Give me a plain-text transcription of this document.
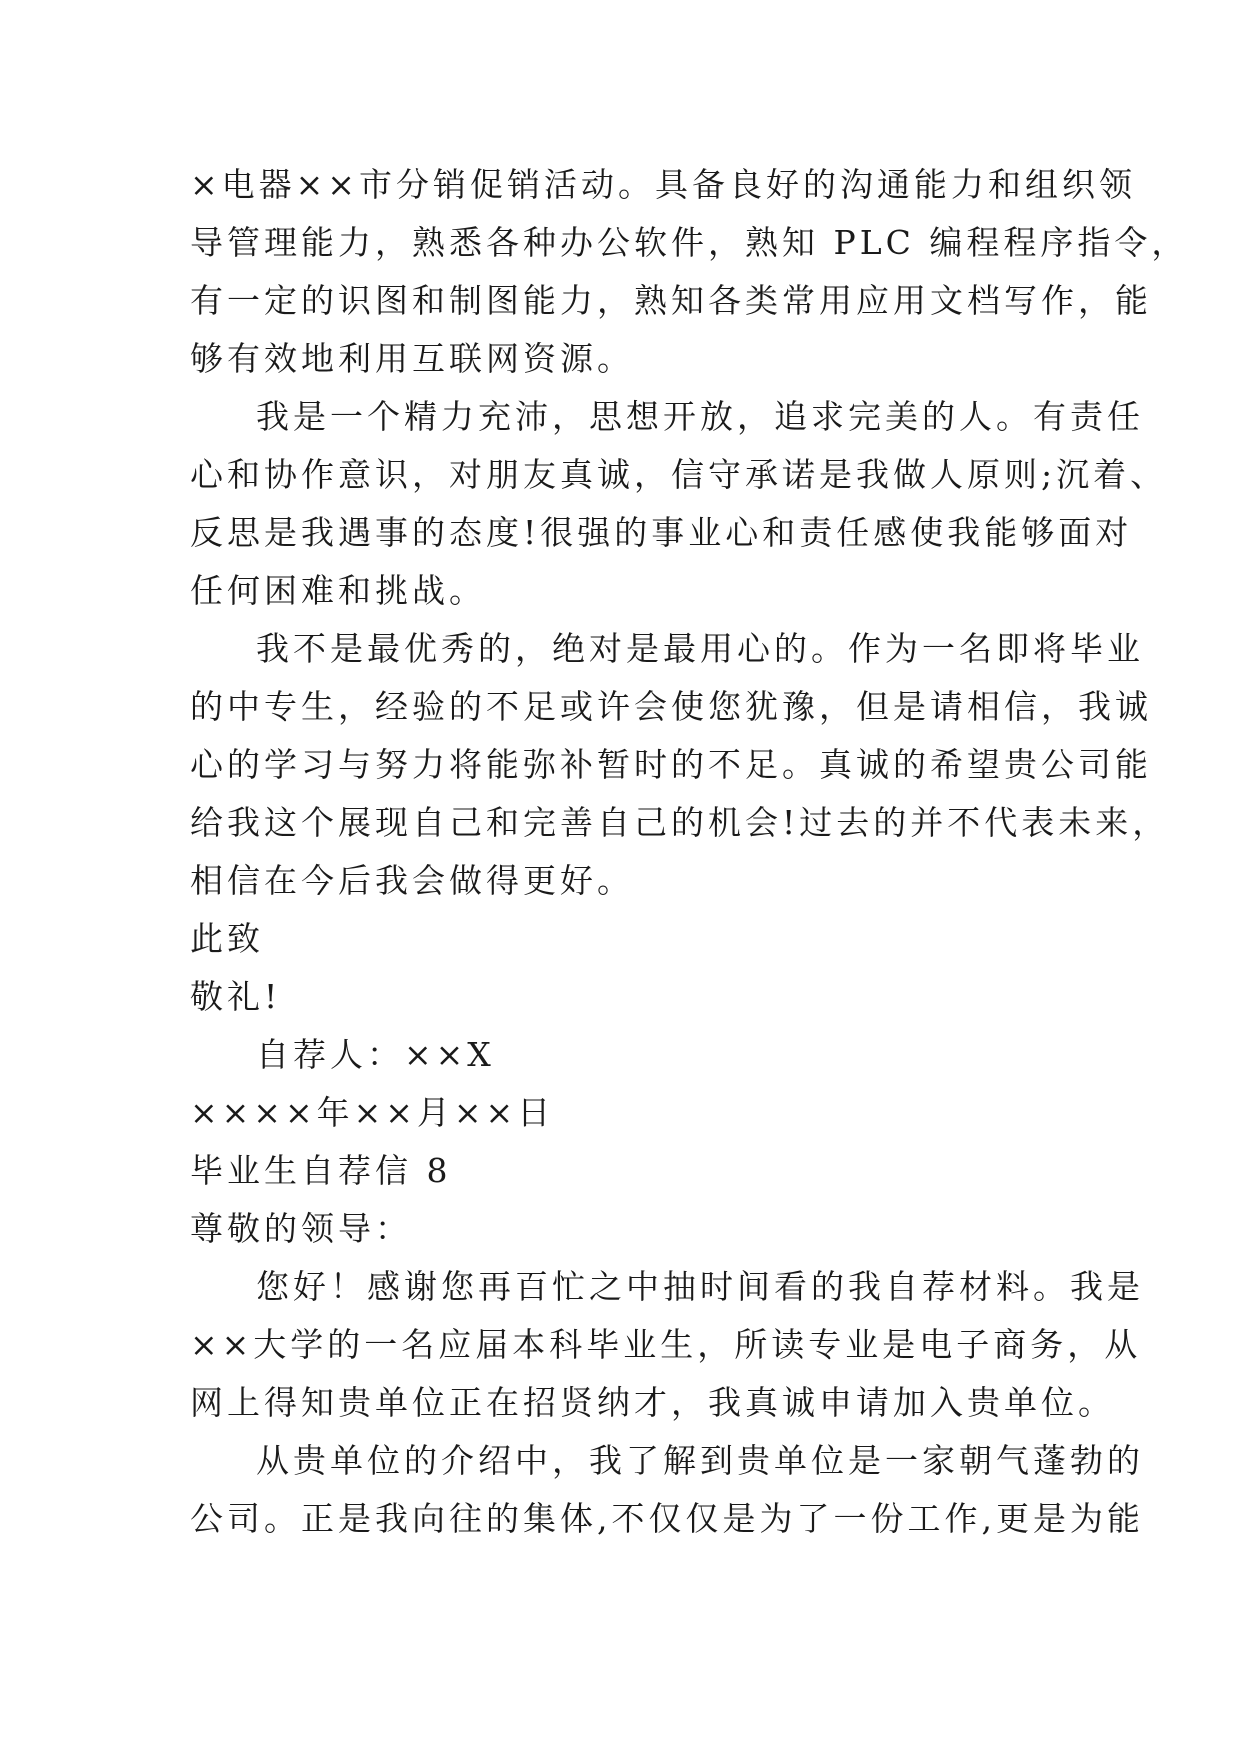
×电器××市分销促销活动。具备良好的沟通能力和组织领
导管理能力，熟悉各种办公软件，熟知 PLC 编程程序指令，
有一定的识图和制图能力，熟知各类常用应用文档写作，能
够有效地利用互联网资源。
我是一个精力充沛，思想开放，追求完美的人。有责任
心和协作意识，对朋友真诚，信守承诺是我做人原则;沉着、
反思是我遇事的态度!很强的事业心和责任感使我能够面对
任何困难和挑战。
我不是最优秀的，绝对是最用心的。作为一名即将毕业
的中专生，经验的不足或许会使您犹豫，但是请相信，我诚
心的学习与努力将能弥补暂时的不足。真诚的希望贵公司能
给我这个展现自己和完善自己的机会!过去的并不代表未来，
相信在今后我会做得更好。
此致
敬礼!
自荐人：××X
××××年××月××日
毕业生自荐信 8
尊敬的领导：
您好！感谢您再百忙之中抽时间看的我自荐材料。我是
××大学的一名应届本科毕业生，所读专业是电子商务，从
网上得知贵单位正在招贤纳才，我真诚申请加入贵单位。
从贵单位的介绍中，我了解到贵单位是一家朝气蓬勃的
公司。正是我向往的集体,不仅仅是为了一份工作,更是为能
